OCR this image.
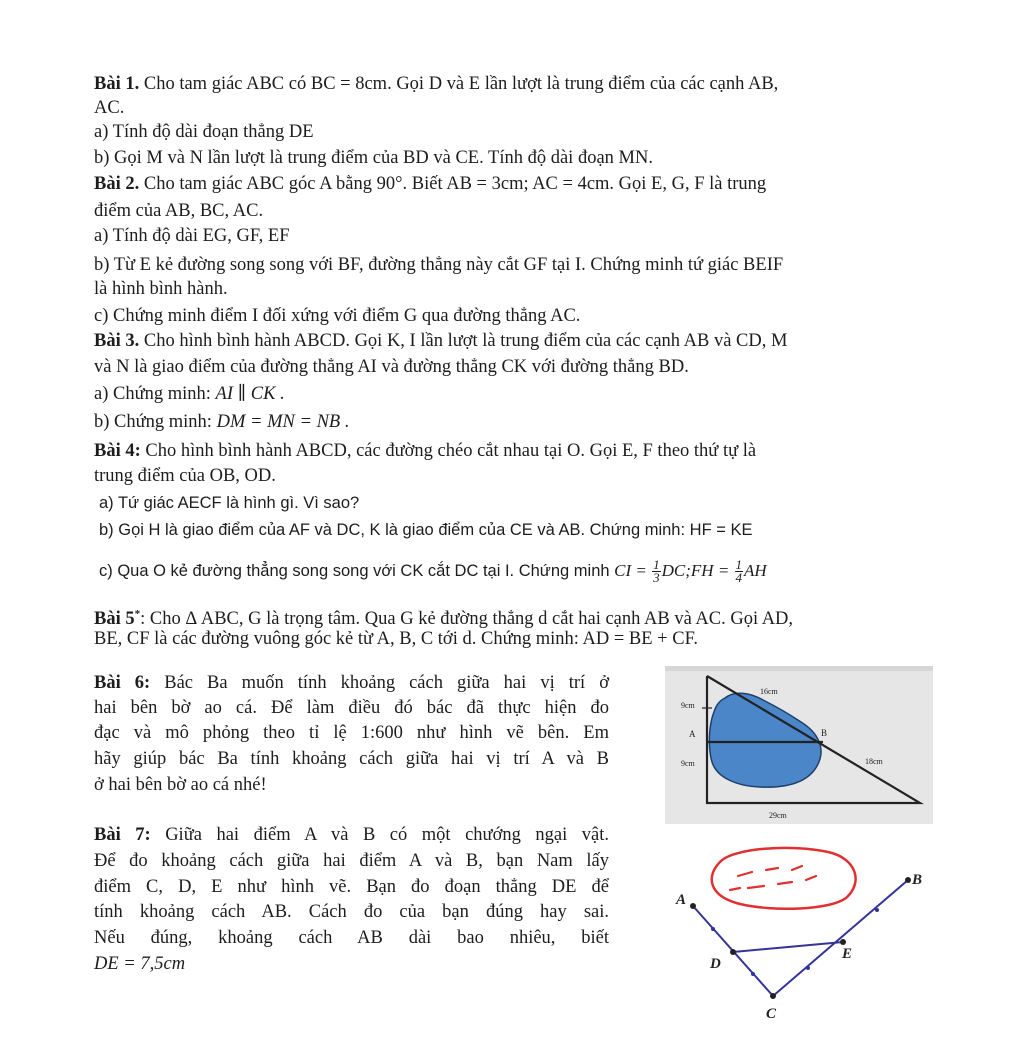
Bài 1. Cho tam giác ABC có BC = 8cm. Gọi D và E lần lượt là trung điểm của các cạnh AB,
AC.
a) Tính độ dài đoạn thẳng DE
b) Gọi M và N lần lượt là trung điểm của BD và CE. Tính độ dài đoạn MN.
Bài 2. Cho tam giác ABC góc A bằng 90°. Biết AB = 3cm; AC = 4cm. Gọi E, G, F là trung
điểm của AB, BC, AC.
a) Tính độ dài EG, GF, EF
b) Từ E kẻ đường song song với BF, đường thẳng này cắt GF tại I. Chứng minh tứ giác BEIF
là hình bình hành.
c) Chứng minh điểm I đối xứng với điểm G qua đường thẳng AC.
Bài 3. Cho hình bình hành ABCD. Gọi K, I lần lượt là trung điểm của các cạnh AB và CD, M
và N là giao điểm của đường thẳng AI và đường thẳng CK với đường thẳng BD.
a) Chứng minh: AI ∥ CK .
b) Chứng minh: DM = MN = NB .
Bài 4: Cho hình bình hành ABCD, các đường chéo cắt nhau tại O. Gọi E, F theo thứ tự là
trung điểm của OB, OD.
a) Tứ giác AECF là hình gì. Vì sao?
b) Gọi H là giao điểm của AF và DC, K là giao điểm của CE và AB. Chứng minh: HF = KE
c) Qua O kẻ đường thẳng song song với CK cắt DC tại I. Chứng minh CI = $\frac{1}{3}$ DC;FH = $\frac{1}{4}$ AH
Bài 5*: Cho Δ ABC, G là trọng tâm. Qua G kẻ đường thẳng d cắt hai cạnh AB và AC. Gọi AD,
BE, CF là các đường vuông góc kẻ từ A, B, C tới d. Chứng minh: AD = BE + CF.
Bài 6: Bác Ba muốn tính khoảng cách giữa hai vị trí ở
hai bên bờ ao cá. Để làm điều đó bác đã thực hiện đo
đạc và mô phỏng theo tỉ lệ 1:600 như hình vẽ bên. Em
hãy giúp bác Ba tính khoảng cách giữa hai vị trí A và B
ở hai bên bờ ao cá nhé!
16cm
9cm
A	B
9cm	18cm
29cm
Bài 7: Giữa hai điểm A và B có một chướng ngại vật.
Để đo khoảng cách giữa hai điểm A và B, bạn Nam lấy
điểm C, D, E như hình vẽ. Bạn đo đoạn thẳng DE để
tính khoảng cách AB. Cách đo của bạn đúng hay sai.
Nếu đúng, khoảng cách AB dài bao nhiêu, biết
DE = 7,5cm
A
B
C
D
E
